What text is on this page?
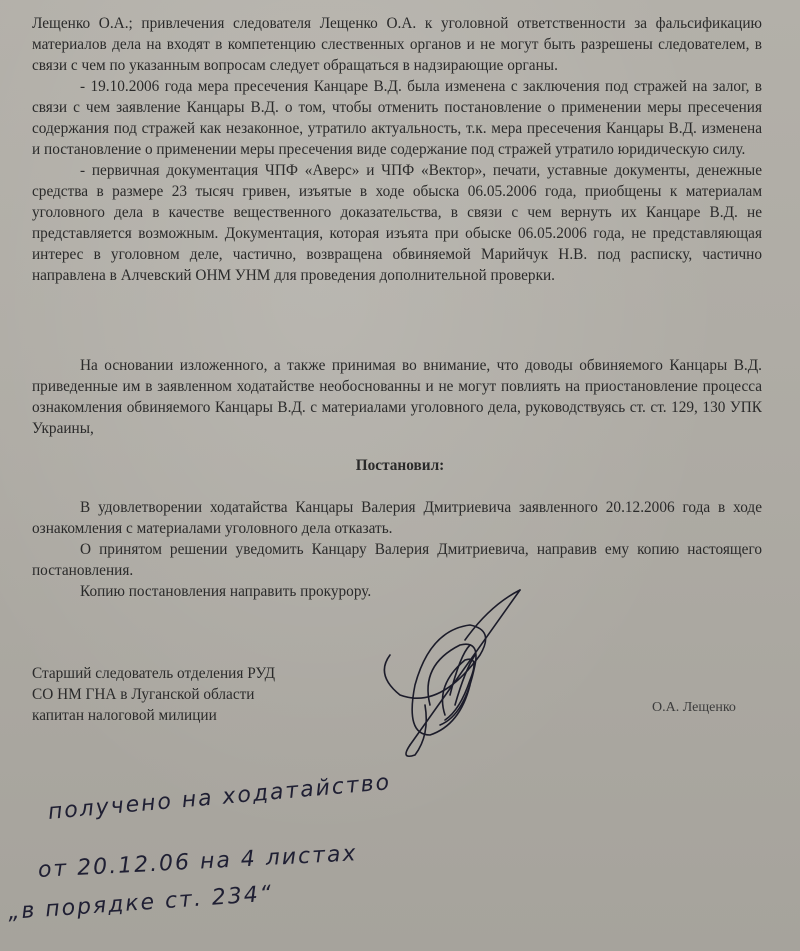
Лещенко О.А.; привлечения следователя Лещенко О.А. к уголовной ответственности за фальсификацию материалов дела на входят в компетенцию слественных органов и не могут быть разрешены следователем, в связи с чем по указанным вопросам следует обращаться в надзирающие органы.

- 19.10.2006 года мера пресечения Канцаре В.Д. была изменена с заключения под стражей на залог, в связи с чем заявление Канцары В.Д. о том, чтобы отменить постановление о применении меры пресечения содержания под стражей как незаконное, утратило актуальность, т.к. мера пресечения Канцары В.Д. изменена и постановление о применении меры пресечения виде содержание под стражей утратило юридическую силу.

- первичная документация ЧПФ «Аверс» и ЧПФ «Вектор», печати, уставные документы, денежные средства в размере 23 тысяч гривен, изъятые в ходе обыска 06.05.2006 года, приобщены к материалам уголовного дела в качестве вещественного доказательства, в связи с чем вернуть их Канцаре В.Д. не представляется возможным. Документация, которая изъята при обыске 06.05.2006 года, не представляющая интерес в уголовном деле, частично, возвращена обвиняемой Марийчук Н.В. под расписку, частично направлена в Алчевский ОНМ УНМ для проведения дополнительной проверки.

На основании изложенного, а также принимая во внимание, что доводы обвиняемого Канцары В.Д. приведенные им в заявленном ходатайстве необоснованны и не могут повлиять на приостановление процесса ознакомления обвиняемого Канцары В.Д. с материалами уголовного дела, руководствуясь ст. ст. 129, 130 УПК Украины,

Постановил:

В удовлетворении ходатайства Канцары Валерия Дмитриевича заявленного 20.12.2006 года в ходе ознакомления с материалами уголовного дела отказать.

О принятом решении уведомить Канцару Валерия Дмитриевича, направив ему копию настоящего постановления.

Копию постановления направить прокурору.

Старший следователь отделения РУД
СО НМ ГНА в Луганской области
капитан налоговой милиции	О.А. Лещенко
получено на ходатайство
от 20.12.06 на 4 листах
„в порядке ст. 234“
